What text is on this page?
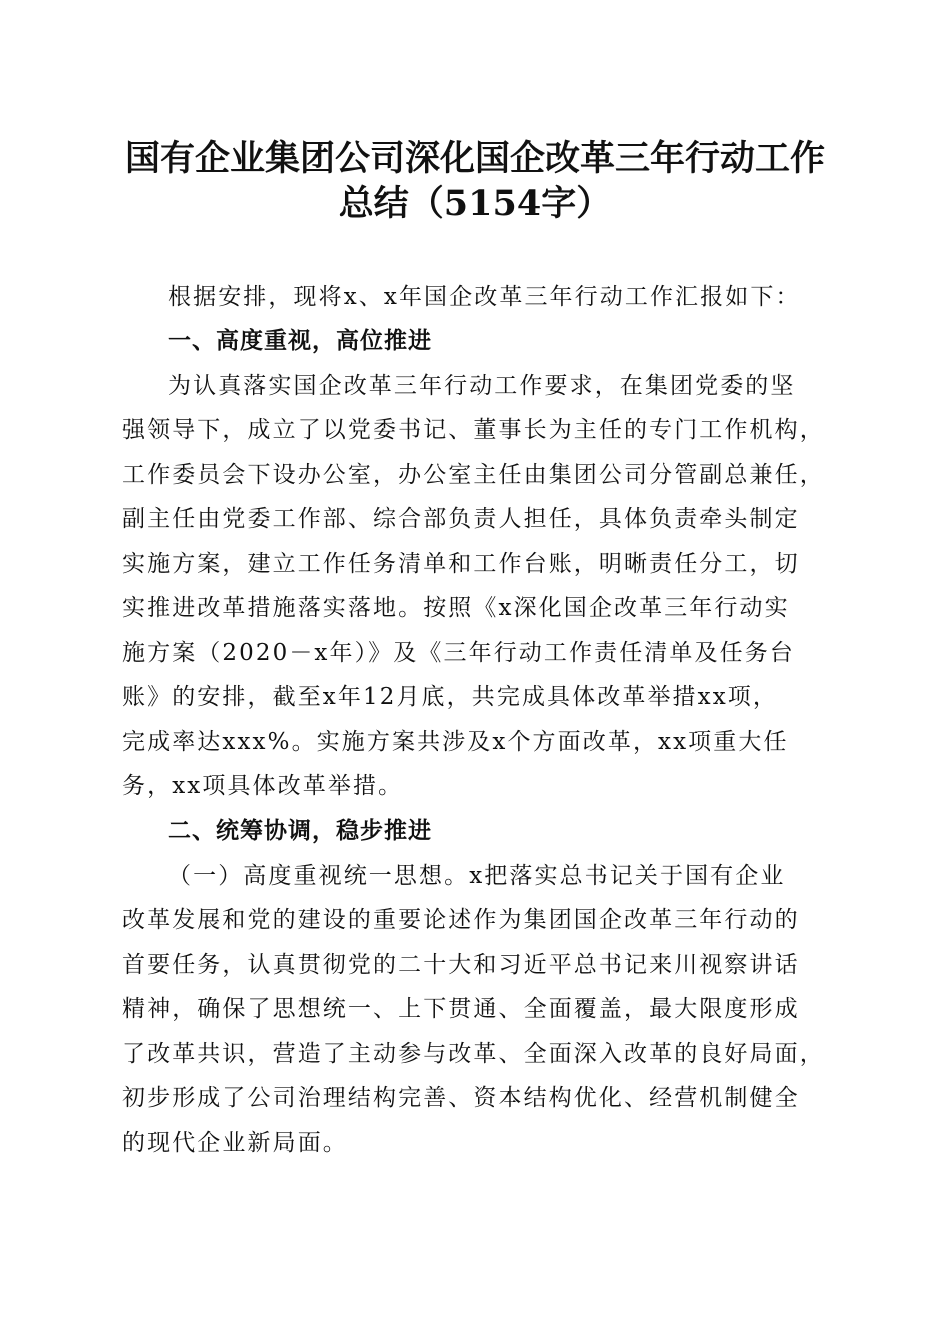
国有企业集团公司深化国企改革三年行动工作
总结（5154字）
根据安排，现将x、x年国企改革三年行动工作汇报如下：
一、高度重视，高位推进
为认真落实国企改革三年行动工作要求，在集团党委的坚
强领导下，成立了以党委书记、董事长为主任的专门工作机构，
工作委员会下设办公室，办公室主任由集团公司分管副总兼任，
副主任由党委工作部、综合部负责人担任，具体负责牵头制定
实施方案，建立工作任务清单和工作台账，明晰责任分工，切
实推进改革措施落实落地。按照《x深化国企改革三年行动实
施方案（2020－x年）》及《三年行动工作责任清单及任务台
账》的安排，截至x年12月底，共完成具体改革举措xx项，
完成率达xxx%。实施方案共涉及x个方面改革，xx项重大任
务，xx项具体改革举措。
二、统筹协调，稳步推进
（一）高度重视统一思想。x把落实总书记关于国有企业
改革发展和党的建设的重要论述作为集团国企改革三年行动的
首要任务，认真贯彻党的二十大和习近平总书记来川视察讲话
精神，确保了思想统一、上下贯通、全面覆盖，最大限度形成
了改革共识，营造了主动参与改革、全面深入改革的良好局面，
初步形成了公司治理结构完善、资本结构优化、经营机制健全
的现代企业新局面。
